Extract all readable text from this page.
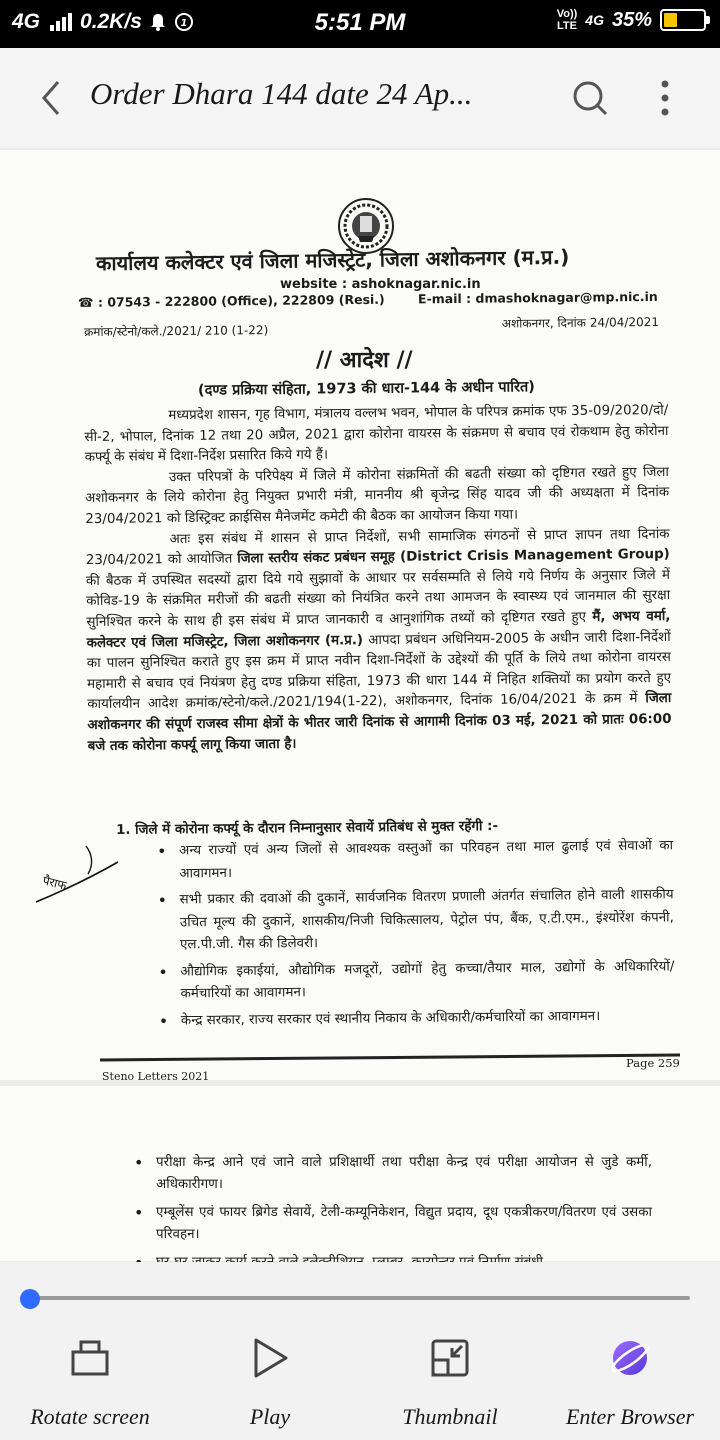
4G 0.2K/s	1	5:51 PM	Vo))
LTE 4G 35%
Order Dhara 144 date 24 Ap...
कार्यालय कलेक्टर एवं जिला मजिस्ट्रेट, जिला अशोकनगर (म.प्र.)
website : ashoknagar.nic.in
☎ : 07543 - 222800 (Office), 222809 (Resi.)	E-mail : dmashoknagar@mp.nic.in
क्रमांक/स्टेनो/कले./2021/ 210 (1-22)
अशोकनगर, दिनांक 24/04/2021
// आदेश //
(दण्ड प्रक्रिया संहिता, 1973 की धारा-144 के अधीन पारित)

मध्यप्रदेश शासन, गृह विभाग, मंत्रालय वल्लभ भवन, भोपाल के परिपत्र क्रमांक एफ 35-09/2020/दो/सी-2, भोपाल, दिनांक 12 तथा 20 अप्रैल, 2021 द्वारा कोरोना वायरस के संक्रमण से बचाव एवं रोकथाम हेतु कोरोना कर्फ्यू के संबंध में दिशा-निर्देश प्रसारित किये गये हैं।

उक्त परिपत्रों के परिपेक्ष्य में जिले में कोरोना संक्रमितों की बढती संख्या को दृष्टिगत रखते हुए जिला अशोकनगर के लिये कोरोना हेतु नियुक्त प्रभारी मंत्री, माननीय श्री बृजेन्द्र सिंह यादव जी की अध्यक्षता में दिनांक 23/04/2021 को डिस्ट्रिक्ट क्राईसिस मैनेजमेंट कमेटी की बैठक का आयोजन किया गया।

अतः इस संबंध में शासन से प्राप्त निर्देशों, सभी सामाजिक संगठनों से प्राप्त ज्ञापन तथा दिनांक 23/04/2021 को आयोजित जिला स्तरीय संकट प्रबंधन समूह (District Crisis Management Group) की बैठक में उपस्थित सदस्यों द्वारा दिये गये सुझावों के आधार पर सर्वसम्मति से लिये गये निर्णय के अनुसार जिले में कोविड-19 के संक्रमित मरीजों की बढती संख्या को नियंत्रित करने तथा आमजन के स्वास्थ्य एवं जानमाल की सुरक्षा सुनिश्चित करने के साथ ही इस संबंध में प्राप्त जानकारी व आनुशांगिक तथ्यों को दृष्टिगत रखते हुए मैं, अभय वर्मा, कलेक्टर एवं जिला मजिस्ट्रेट, जिला अशोकनगर (म.प्र.) आपदा प्रबंधन अधिनियम-2005 के अधीन जारी दिशा-निर्देशों का पालन सुनिश्चित कराते हुए इस क्रम में प्राप्त नवीन दिशा-निर्देशों के उद्देश्यों की पूर्ति के लिये तथा कोरोना वायरस महामारी से बचाव एवं नियंत्रण हेतु दण्ड प्रक्रिया संहिता, 1973 की धारा 144 में निहित शक्तियों का प्रयोग करते हुए कार्यालयीन आदेश क्रमांक/स्टेनो/कले./2021/194(1-22), अशोकनगर, दिनांक 16/04/2021 के क्रम में जिला अशोकनगर की संपूर्ण राजस्व सीमा क्षेत्रों के भीतर जारी दिनांक से आगामी दिनांक 03 मई, 2021 को प्रातः 06:00 बजे तक कोरोना कर्फ्यू लागू किया जाता है।

1. जिले में कोरोना कर्फ्यू के दौरान निम्नानुसार सेवायें प्रतिबंध से मुक्त रहेंगी :-
• अन्य राज्यों एवं अन्य जिलों से आवश्यक वस्तुओं का परिवहन तथा माल ढुलाई एवं सेवाओं का आवागमन।
• सभी प्रकार की दवाओं की दुकानें, सार्वजनिक वितरण प्रणाली अंतर्गत संचालित होने वाली शासकीय उचित मूल्य की दुकानें, शासकीय/निजी चिकित्सालय, पेट्रोल पंप, बैंक, ए.टी.एम., इंश्योरेंश कंपनी, एल.पी.जी. गैस की डिलेवरी।
• औद्योगिक इकाईयां, औद्योगिक मजदूरों, उद्योगों हेतु कच्चा/तैयार माल, उद्योगों के अधिकारियों/कर्मचारियों का आवागमन।
• केन्द्र सरकार, राज्य सरकार एवं स्थानीय निकाय के अधिकारी/कर्मचारियों का आवागमन।
पैराफ
Steno Letters 2021
Page 259
• परीक्षा केन्द्र आने एवं जाने वाले प्रशिक्षार्थी तथा परीक्षा केन्द्र एवं परीक्षा आयोजन से जुडे कर्मी, अधिकारीगण।
• एम्बूलेंस एवं फायर ब्रिगेड सेवायें, टेली-कम्यूनिकेशन, विद्युत प्रदाय, दूध एकत्रीकरण/वितरण एवं उसका परिवहन।
•
Rotate screen	Play	Thumbnail	Enter Browser
